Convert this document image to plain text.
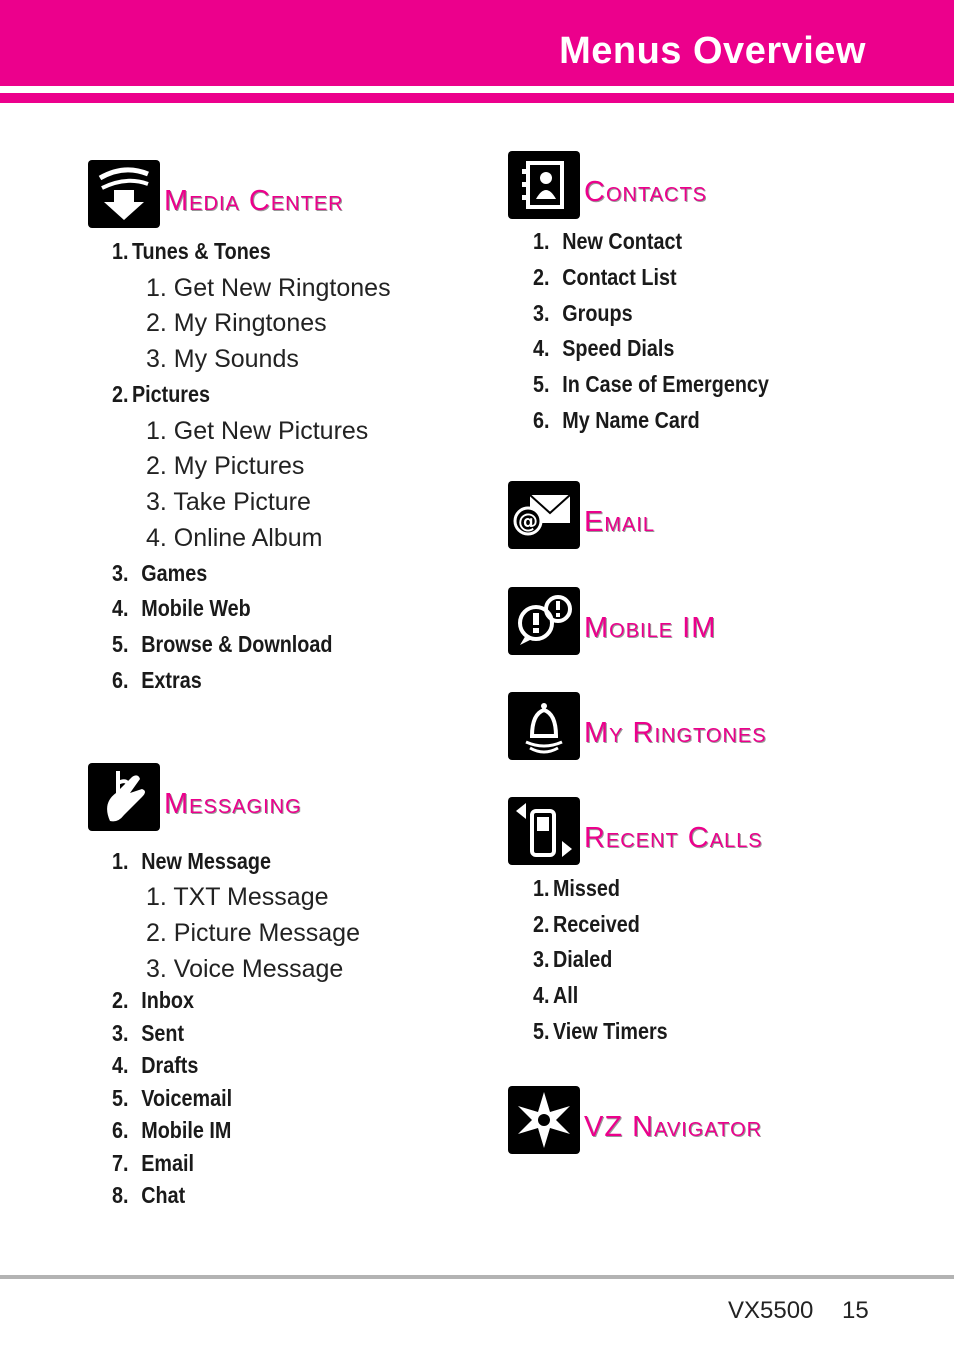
Menus Overview
Media Center
1. Tunes & Tones
1. Get New Ringtones
2. My Ringtones
3. My Sounds
2. Pictures
1. Get New Pictures
2. My Pictures
3. Take Picture
4. Online Album
3. Games
4. Mobile Web
5. Browse & Download
6. Extras
Messaging
1. New Message
1. TXT Message
2. Picture Message
3. Voice Message
2. Inbox
3. Sent
4. Drafts
5. Voicemail
6. Mobile IM
7. Email
8. Chat
Contacts
1. New Contact
2. Contact List
3. Groups
4. Speed Dials
5. In Case of Emergency
6. My Name Card
@ Email
Mobile IM
My Ringtones
Recent Calls
1. Missed
2. Received
3. Dialed
4. All
5. View Timers
VZ Navigator
VX5500 15
